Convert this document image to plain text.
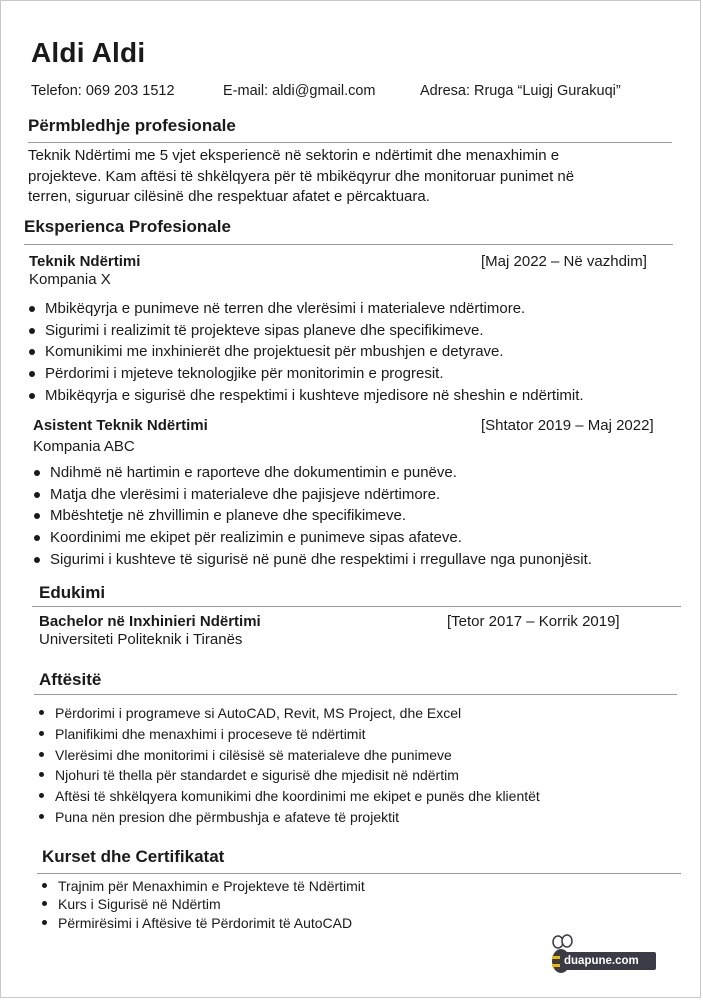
Aldi Aldi
Telefon: 069 203 1512	E-mail: aldi@gmail.com	Adresa: Rruga “Luigj Gurakuqi”
Përmbledhje profesionale
Teknik Ndërtimi me 5 vjet eksperiencë në sektorin e ndërtimit dhe menaxhimin e
projekteve. Kam aftësi të shkëlqyera për të mbikëqyrur dhe monitoruar punimet në
terren, siguruar cilësinë dhe respektuar afatet e përcaktuara.
Eksperienca Profesionale
Teknik Ndërtimi	[Maj 2022 – Në vazhdim]
Kompania X
Mbikëqyrja e punimeve në terren dhe vlerësimi i materialeve ndërtimore.
Sigurimi i realizimit të projekteve sipas planeve dhe specifikimeve.
Komunikimi me inxhinierët dhe projektuesit për mbushjen e detyrave.
Përdorimi i mjeteve teknologjike për monitorimin e progresit.
Mbikëqyrja e sigurisë dhe respektimi i kushteve mjedisore në sheshin e ndërtimit.
Asistent Teknik Ndërtimi	[Shtator 2019 – Maj 2022]
Kompania ABC
Ndihmë në hartimin e raporteve dhe dokumentimin e punëve.
Matja dhe vlerësimi i materialeve dhe pajisjeve ndërtimore.
Mbështetje në zhvillimin e planeve dhe specifikimeve.
Koordinimi me ekipet për realizimin e punimeve sipas afateve.
Sigurimi i kushteve të sigurisë në punë dhe respektimi i rregullave nga punonjësit.
Edukimi
Bachelor në Inxhinieri Ndërtimi	[Tetor 2017 – Korrik 2019]
Universiteti Politeknik i Tiranës
Aftësitë
Përdorimi i programeve si AutoCAD, Revit, MS Project, dhe Excel
Planifikimi dhe menaxhimi i proceseve të ndërtimit
Vlerësimi dhe monitorimi i cilësisë së materialeve dhe punimeve
Njohuri të thella për standardet e sigurisë dhe mjedisit në ndërtim
Aftësi të shkëlqyera komunikimi dhe koordinimi me ekipet e punës dhe klientët
Puna nën presion dhe përmbushja e afateve të projektit
Kurset dhe Certifikatat
Trajnim për Menaxhimin e Projekteve të Ndërtimit
Kurs i Sigurisë në Ndërtim
Përmirësimi i Aftësive të Përdorimit të AutoCAD
duapune.com
